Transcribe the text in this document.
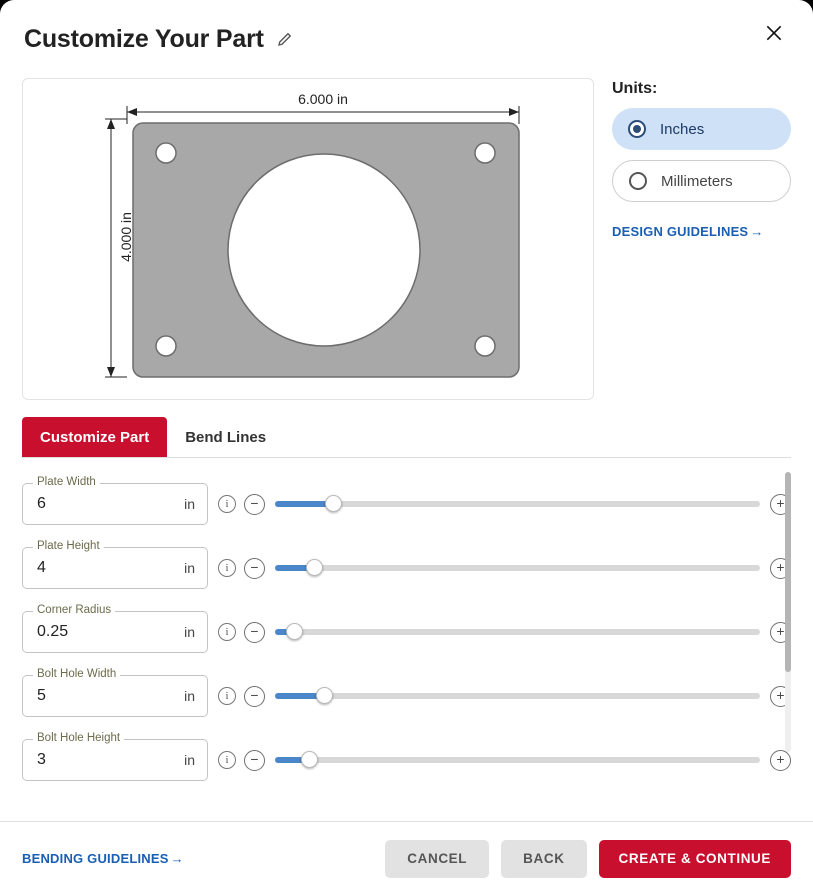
Customize Your Part
6.000 in
4.000 in
Units:
Inches
Millimeters
DESIGN GUIDELINES →
Customize Part	Bend Lines
Plate Width
6
in	i	−	+
Plate Height
4
in	i	−	+
Corner Radius
0.25
in	i	−	+
Bolt Hole Width
5
in	i	−	+
Bolt Hole Height
3
in	i	−	+
BENDING GUIDELINES →	CANCEL	BACK	CREATE & CONTINUE
